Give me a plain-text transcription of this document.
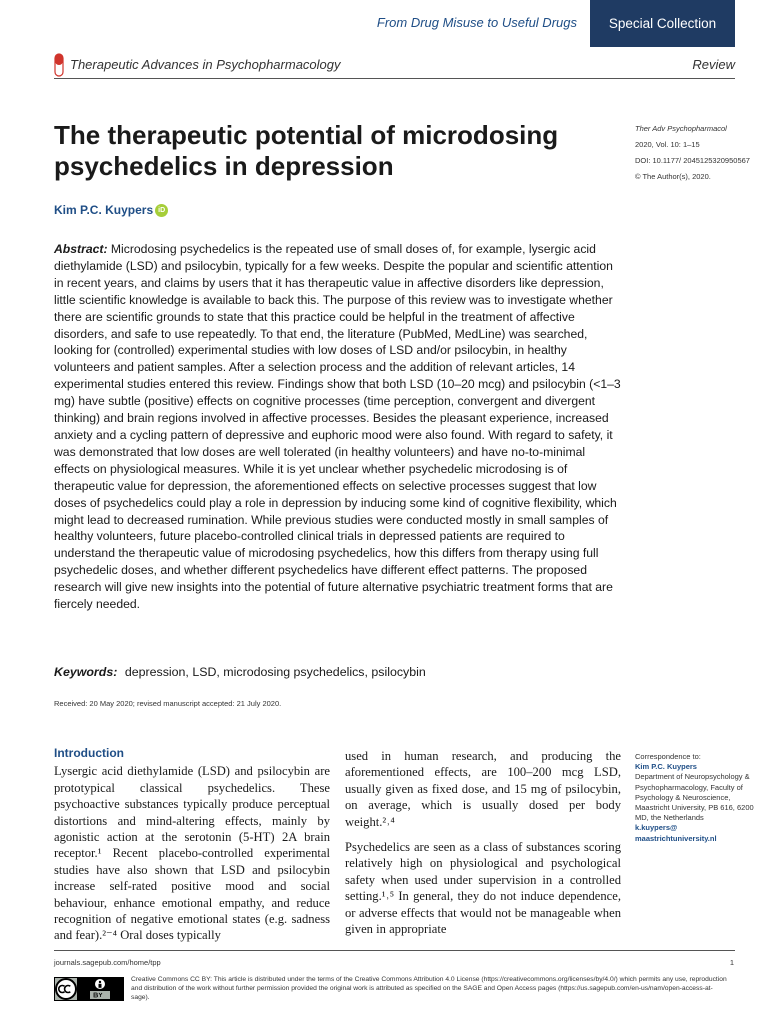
From Drug Misuse to Useful Drugs	Special Collection
Therapeutic Advances in Psychopharmacology	Review
The therapeutic potential of microdosing psychedelics in depression
Ther Adv Psychopharmacol
2020, Vol. 10: 1–15
DOI: 10.1177/ 2045125320950567
© The Author(s), 2020.
Kim P.C. Kuypers iD
Abstract: Microdosing psychedelics is the repeated use of small doses of, for example, lysergic acid diethylamide (LSD) and psilocybin, typically for a few weeks. Despite the popular and scientific attention in recent years, and claims by users that it has therapeutic value in affective disorders like depression, little scientific knowledge is available to back this. The purpose of this review was to investigate whether there are scientific grounds to state that this practice could be helpful in the treatment of affective disorders, and safe to use repeatedly. To that end, the literature (PubMed, MedLine) was searched, looking for (controlled) experimental studies with low doses of LSD and/or psilocybin, in healthy volunteers and patient samples. After a selection process and the addition of relevant articles, 14 experimental studies entered this review. Findings show that both LSD (10–20 mcg) and psilocybin (<1–3 mg) have subtle (positive) effects on cognitive processes (time perception, convergent and divergent thinking) and brain regions involved in affective processes. Besides the pleasant experience, increased anxiety and a cycling pattern of depressive and euphoric mood were also found. With regard to safety, it was demonstrated that low doses are well tolerated (in healthy volunteers) and have no-to-minimal effects on physiological measures. While it is yet unclear whether psychedelic microdosing is of therapeutic value for depression, the aforementioned effects on selective processes suggest that low doses of psychedelics could play a role in depression by inducing some kind of cognitive flexibility, which might lead to decreased rumination. While previous studies were conducted mostly in small samples of healthy volunteers, future placebo-controlled clinical trials in depressed patients are required to understand the therapeutic value of microdosing psychedelics, how this differs from therapy using full psychedelic doses, and whether different psychedelics have different effect patterns. The proposed research will give new insights into the potential of future alternative psychiatric treatment forms that are fiercely needed.
Keywords: depression, LSD, microdosing psychedelics, psilocybin
Received: 20 May 2020; revised manuscript accepted: 21 July 2020.
Introduction

Lysergic acid diethylamide (LSD) and psilocybin are prototypical classical psychedelics. These psychoactive substances typically produce perceptual distortions and mind-altering effects, mainly by agonistic action at the serotonin (5-HT) 2A brain receptor.¹ Recent placebo-controlled experimental studies have also shown that LSD and psilocybin increase self-rated positive mood and social behaviour, enhance emotional empathy, and reduce recognition of negative emotional states (e.g. sadness and fear).²⁻⁴ Oral doses typically

used in human research, and producing the aforementioned effects, are 100–200 mcg LSD, usually given as fixed dose, and 15 mg of psilocybin, on average, which is usually dosed per body weight.²˒⁴

Psychedelics are seen as a class of substances scoring relatively high on physiological and psychological safety when used under supervision in a controlled setting.¹˒⁵ In general, they do not induce dependence, or adverse effects that would not be manageable when given in appropriate

Correspondence to:
Kim P.C. Kuypers
Department of Neuropsychology & Psychopharmacology, Faculty of Psychology & Neuroscience, Maastricht University, PB 616, 6200 MD, the Netherlands
k.kuypers@ maastrichtuniversity.nl
journals.sagepub.com/home/tpp	1
Creative Commons CC BY: This article is distributed under the terms of the Creative Commons Attribution 4.0 License (https://creativecommons.org/licenses/by/4.0/) which permits any use, reproduction and distribution of the work without further permission provided the original work is attributed as specified on the SAGE and Open Access pages (https://us.sagepub.com/en-us/nam/open-access-at-sage).
